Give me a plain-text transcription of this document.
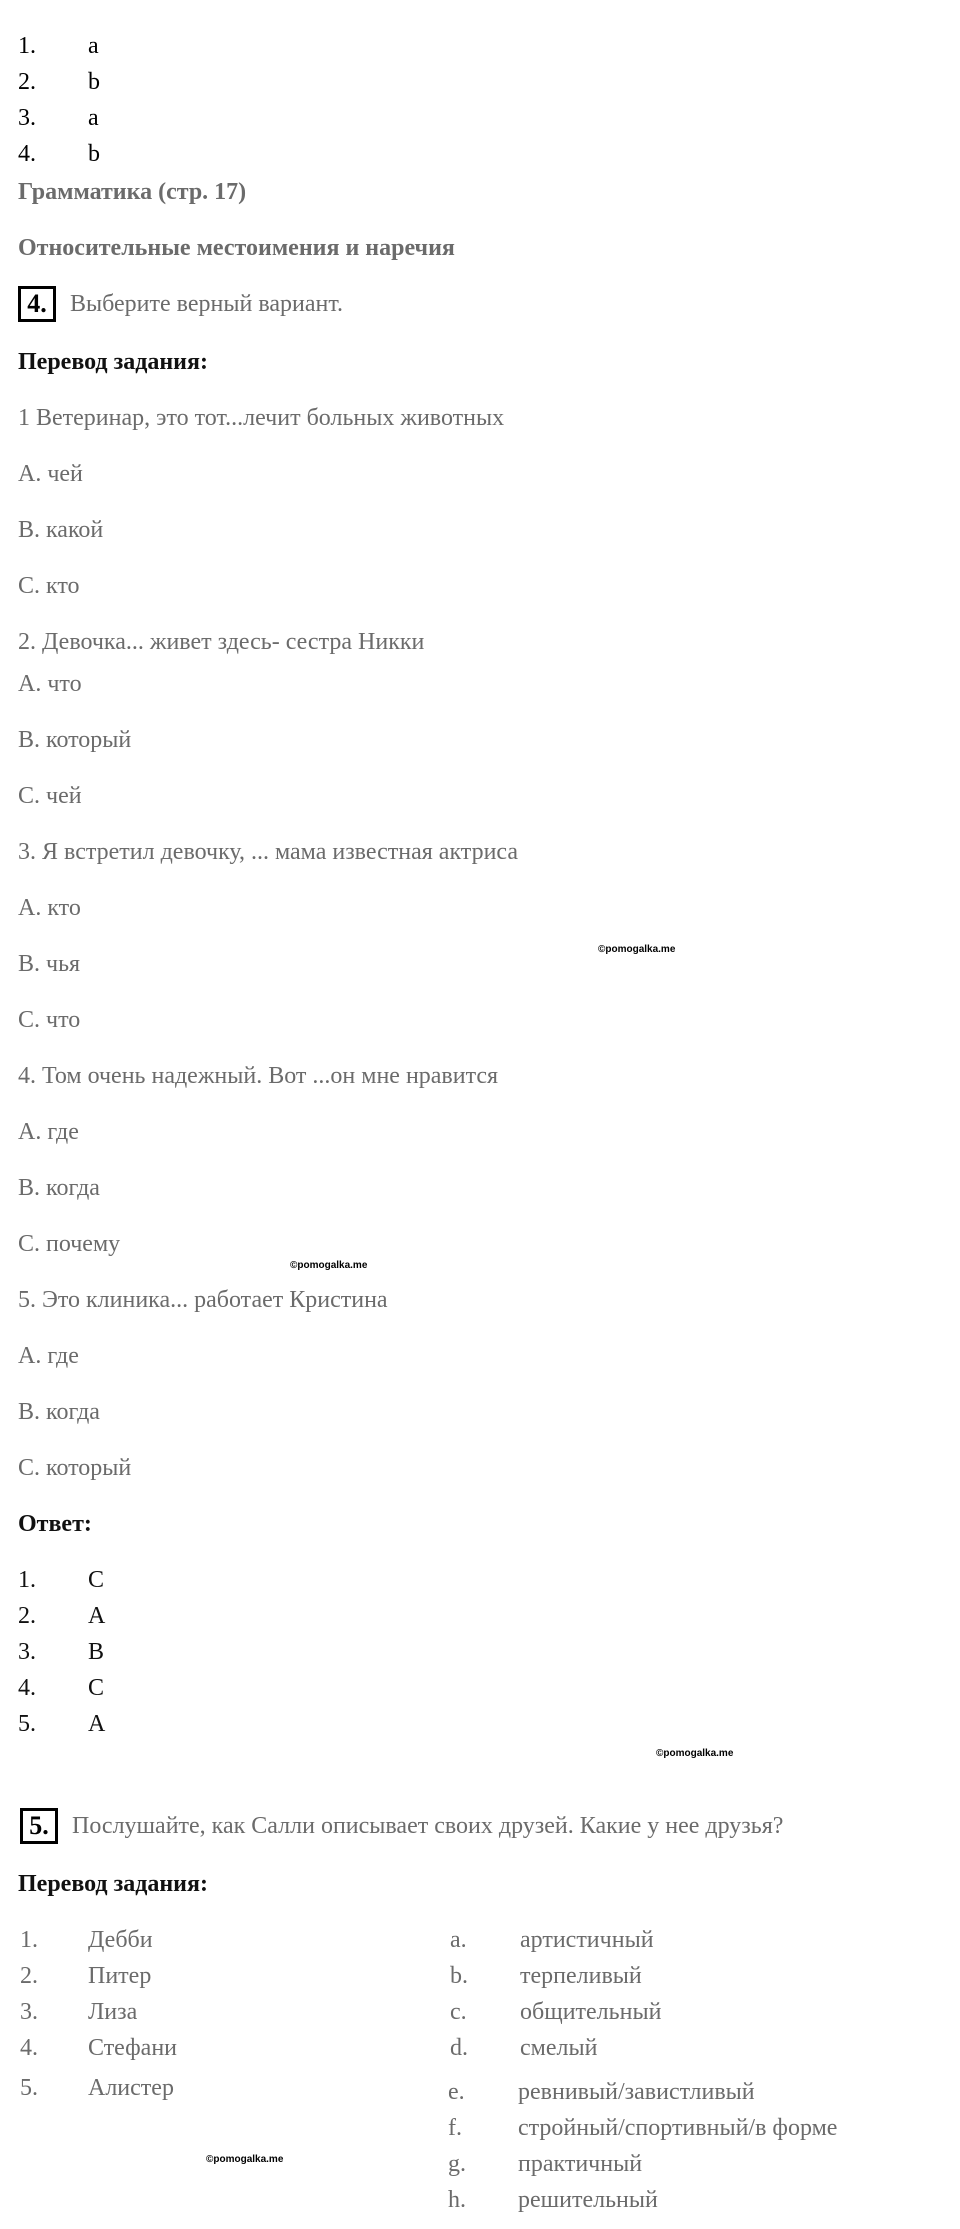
1. a
2. b
3. a
4. b
Грамматика (стр. 17)
Относительные местоимения и наречия
4. Выберите верный вариант.
Перевод задания:
1 Ветеринар, это тот...лечит больных животных
A. чей
B. какой
C. кто
2. Девочка... живет здесь- сестра Никки
A. что
B. который
C. чей
3. Я встретил девочку, ... мама известная актриса
A. кто
B. чья
C. что
4. Том очень надежный. Вот ...он мне нравится
A. где
B. когда
C. почему
5. Это клиника... работает Кристина
A. где
B. когда
C. который
Ответ:
1. C
2. A
3. B
4. C
5. A
5. Послушайте, как Салли описывает своих друзей. Какие у нее друзья?
Перевод задания:
1. Дебби
2. Питер
3. Лиза
4. Стефани
5. Алистер
a. артистичный
b. терпеливый
c. общительный
d. смелый
e. ревнивый/завистливый
f. стройный/спортивный/в форме
g. практичный
h. решительный
©pomogalka.me
©pomogalka.me
©pomogalka.me
©pomogalka.me
